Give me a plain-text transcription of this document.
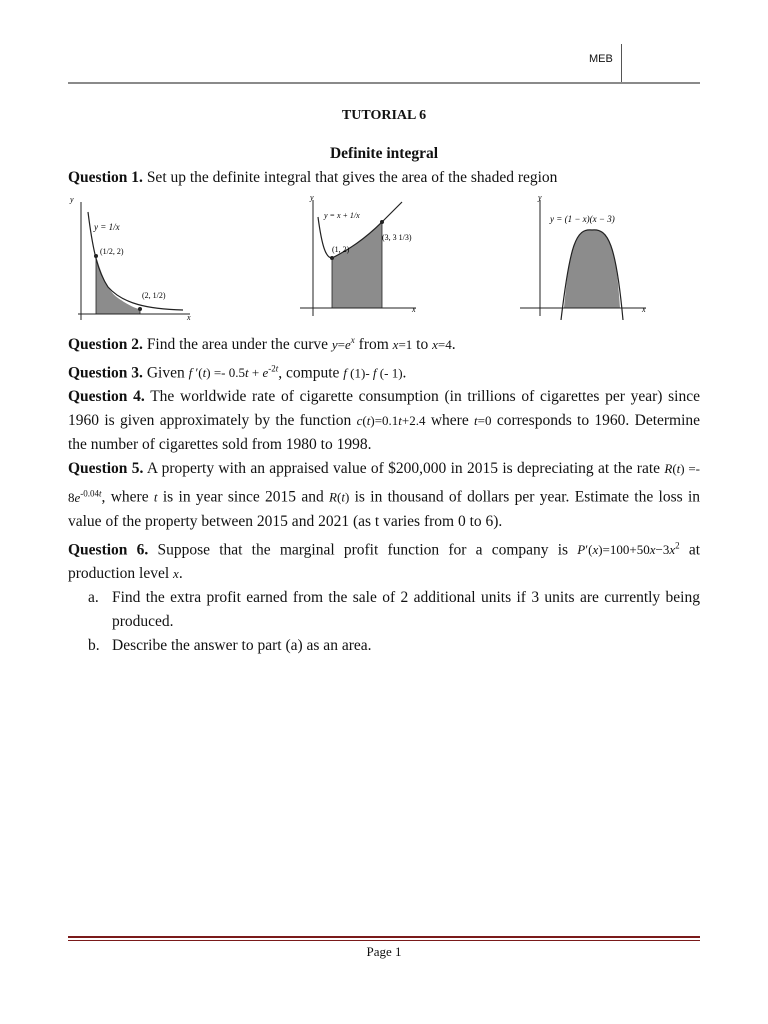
MEB
TUTORIAL 6
Definite integral

Question 1. Set up the definite integral that gives the area of the shaded region

y
x
y = 1/x
(1/2, 2)
(2, 1/2)
y
x
y = x + 1/x
(1, 2)
(3, 3 1/3)
y
x
y = (1 − x)(x − 3)

Question 2. Find the area under the curve $y=e^x$ from x=1 to x=4.

Question 3. Given f $'(t) =- 0.5t + e^{-2t}$, compute f (1)- f (- 1).

Question 4. The worldwide rate of cigarette consumption (in trillions of cigarettes per year) since 1960 is given approximately by the function c(t)=0.1t+2.4 where t=0 corresponds to 1960. Determine the number of cigarettes sold from 1980 to 1998.

Question 5. A property with an appraised value of $200,000 in 2015 is depreciating at the rate $R(t) =- 8e^{-0.04t}$, where t is in year since 2015 and R(t) is in thousand of dollars per year. Estimate the loss in value of the property between 2015 and 2021 (as t varies from 0 to 6).

Question 6. Suppose that the marginal profit function for a company is $P'(x)=100+50x-3x^2$ at production level x.

a. Find the extra profit earned from the sale of 2 additional units if 3 units are currently being produced.
b. Describe the answer to part (a) as an area.
Page 1
